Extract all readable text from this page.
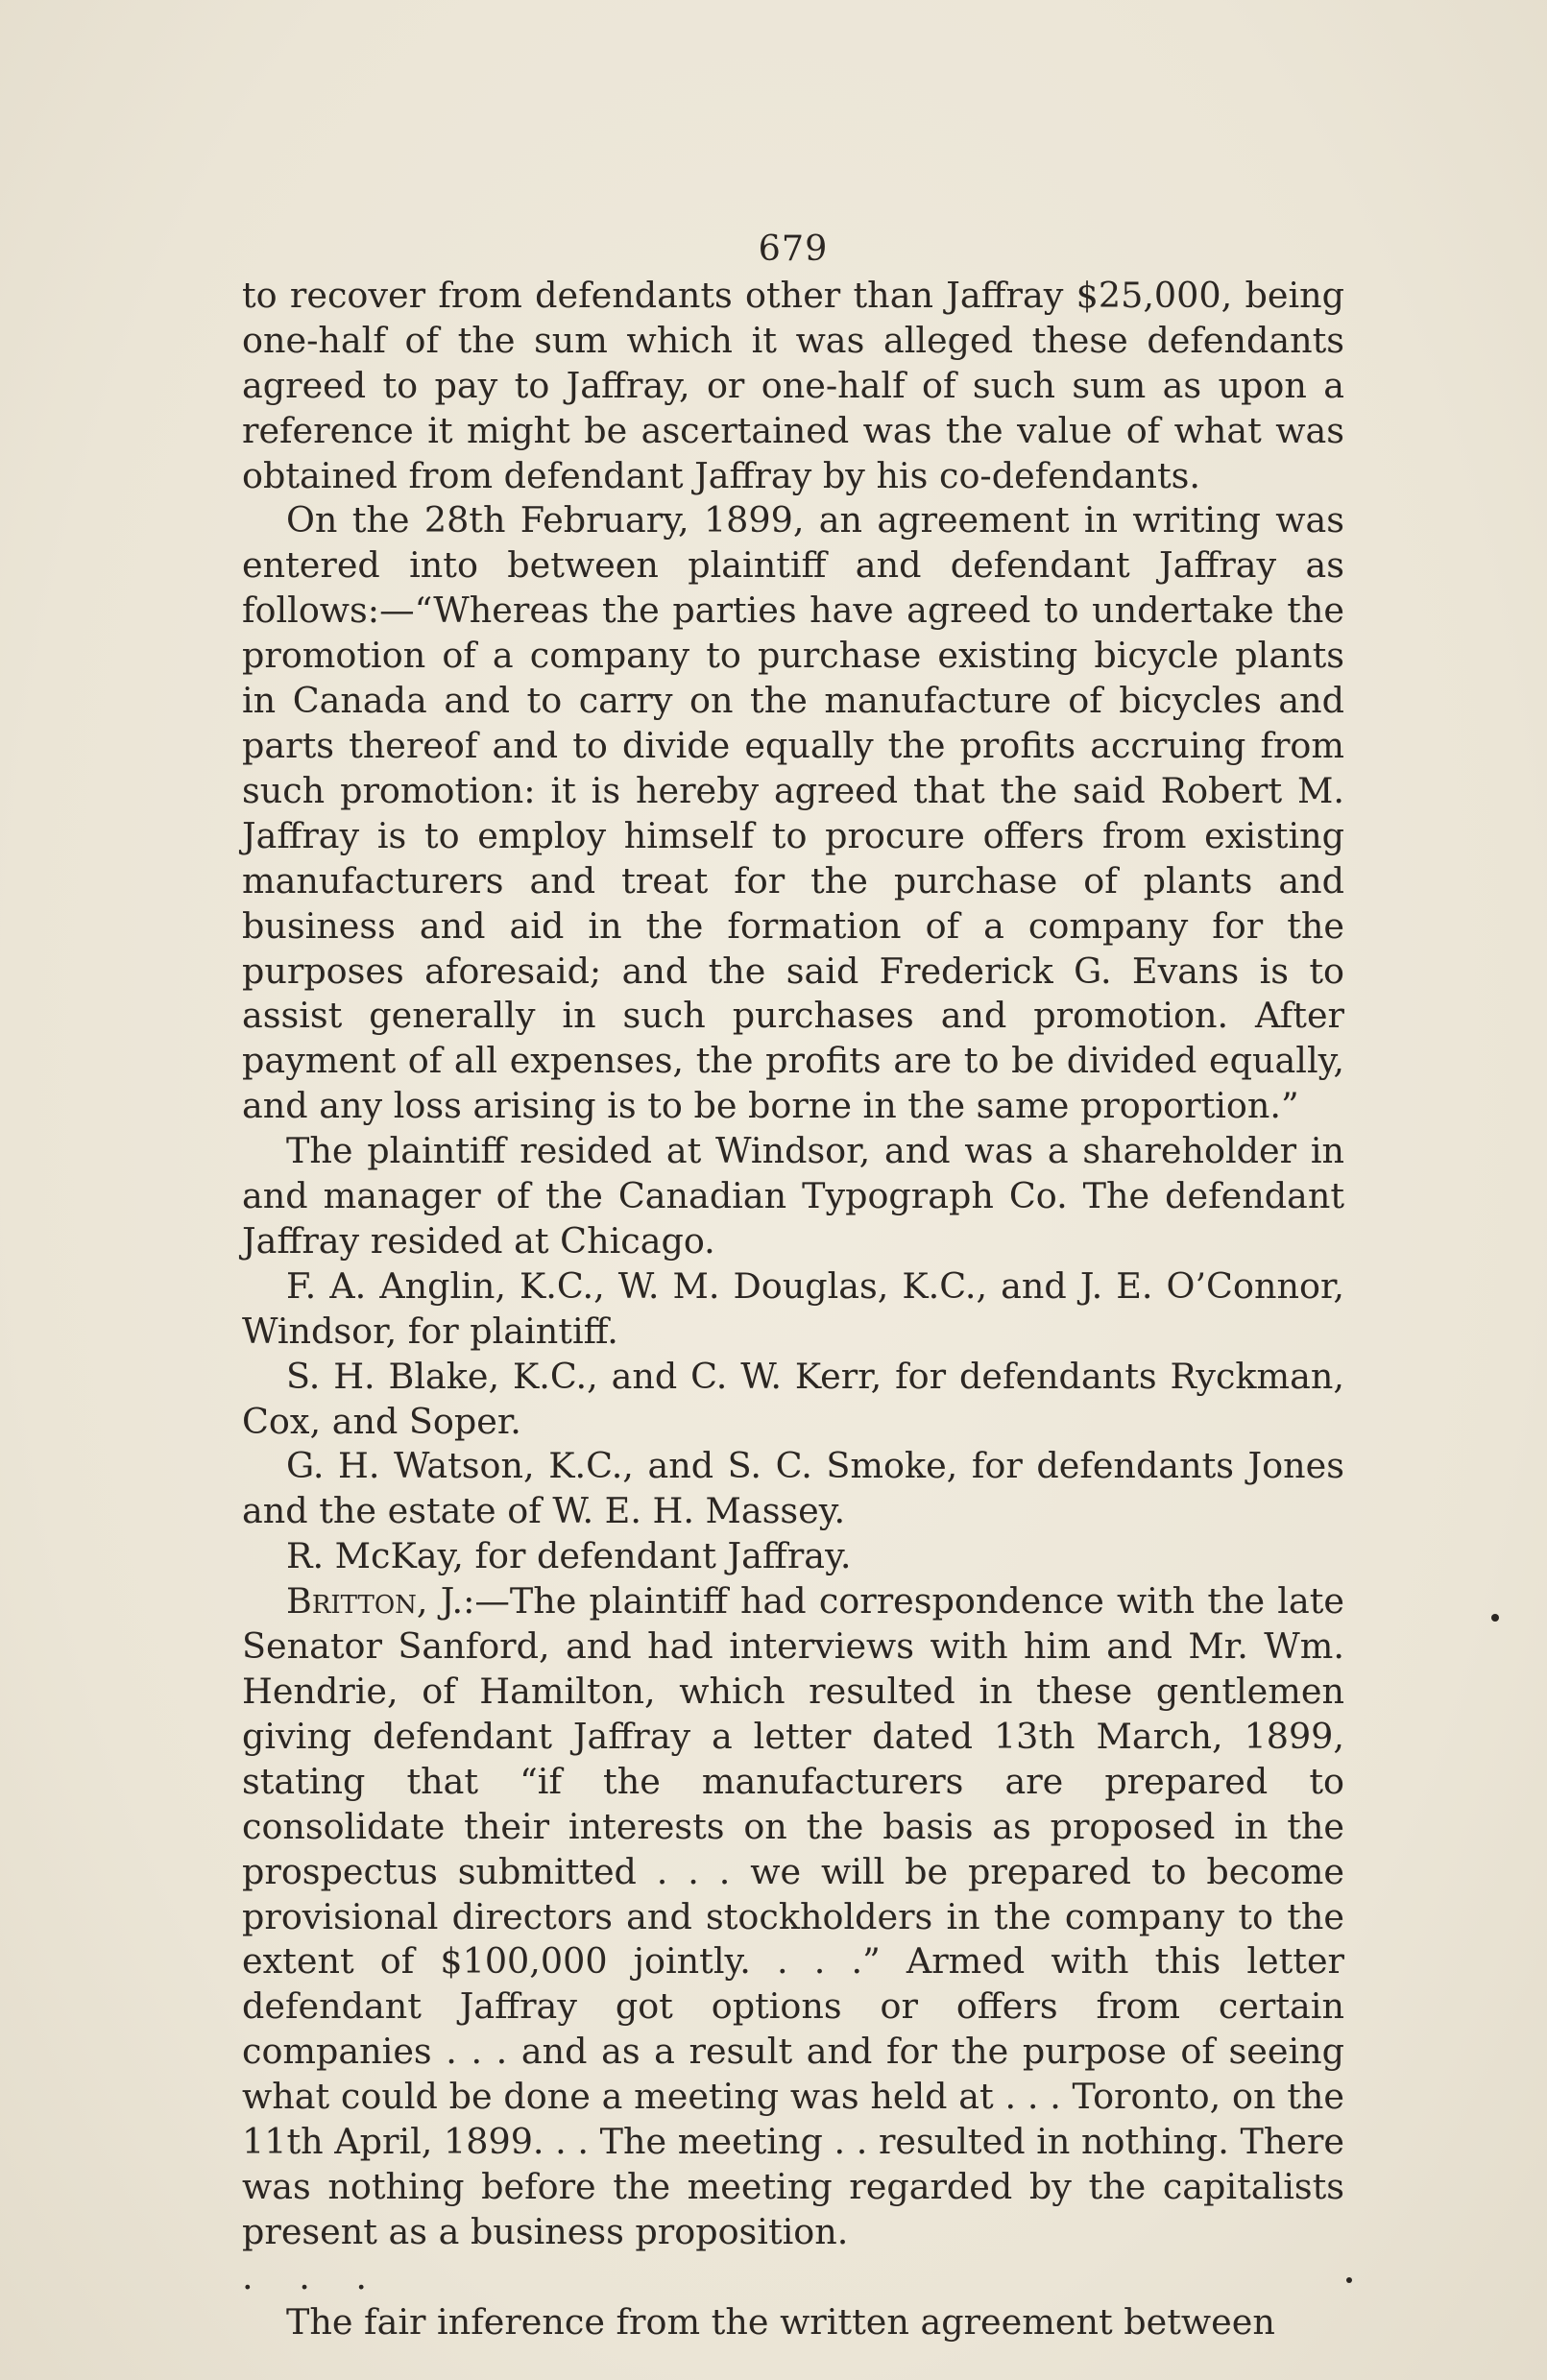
679

to recover from defendants other than Jaffray $25,000, being one-half of the sum which it was alleged these defendants agreed to pay to Jaffray, or one-half of such sum as upon a reference it might be ascertained was the value of what was obtained from defendant Jaffray by his co-defendants.

On the 28th February, 1899, an agreement in writing was entered into between plaintiff and defendant Jaffray as follows:—“Whereas the parties have agreed to undertake the promotion of a company to purchase existing bicycle plants in Canada and to carry on the manufacture of bicycles and parts thereof and to divide equally the profits accruing from such promotion: it is hereby agreed that the said Robert M. Jaffray is to employ himself to procure offers from existing manufacturers and treat for the purchase of plants and business and aid in the formation of a company for the purposes aforesaid; and the said Frederick G. Evans is to assist generally in such purchases and promotion. After payment of all expenses, the profits are to be divided equally, and any loss arising is to be borne in the same proportion.”

The plaintiff resided at Windsor, and was a shareholder in and manager of the Canadian Typograph Co. The defendant Jaffray resided at Chicago.

F. A. Anglin, K.C., W. M. Douglas, K.C., and J. E. O’Connor, Windsor, for plaintiff.

S. H. Blake, K.C., and C. W. Kerr, for defendants Ryckman, Cox, and Soper.

G. H. Watson, K.C., and S. C. Smoke, for defendants Jones and the estate of W. E. H. Massey.

R. McKay, for defendant Jaffray.

Britton, J.:—The plaintiff had correspondence with the late Senator Sanford, and had interviews with him and Mr. Wm. Hendrie, of Hamilton, which resulted in these gentlemen giving defendant Jaffray a letter dated 13th March, 1899, stating that “if the manufacturers are prepared to consolidate their interests on the basis as proposed in the prospectus submitted . . . we will be prepared to become provisional directors and stockholders in the company to the extent of $100,000 jointly. . . .” Armed with this letter defendant Jaffray got options or offers from certain companies . . . and as a result and for the purpose of seeing what could be done a meeting was held at . . . Toronto, on the 11th April, 1899. . . The meeting . . resulted in nothing. There was nothing before the meeting regarded by the capitalists present as a business proposition.

. . .

The fair inference from the written agreement between
